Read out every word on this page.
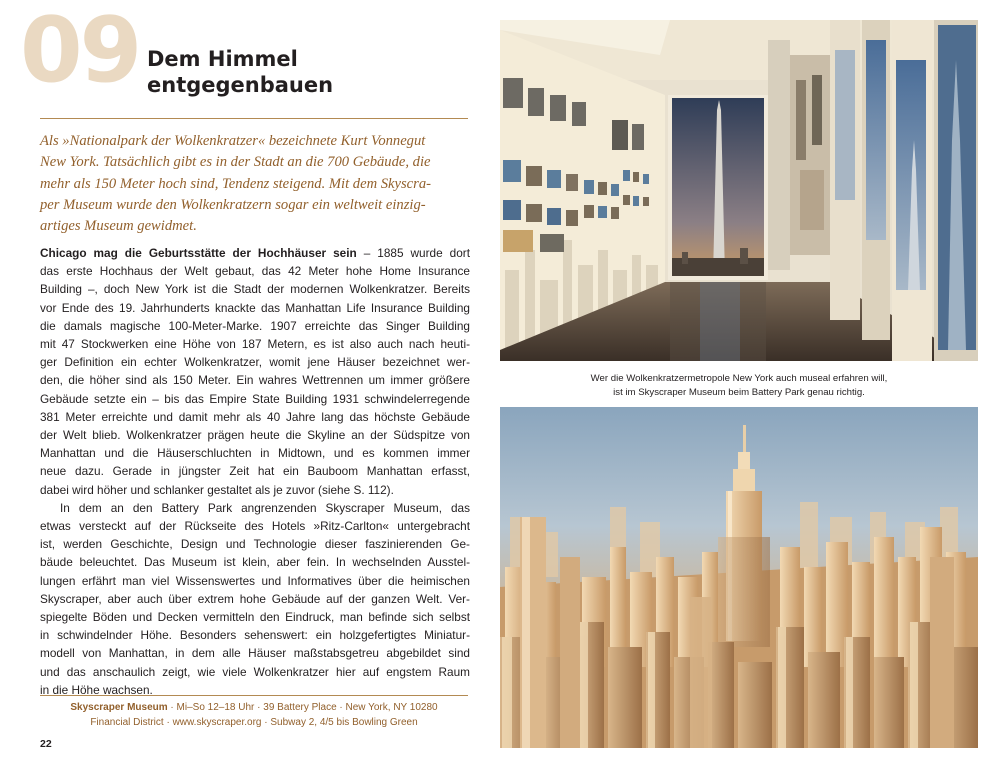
09 Dem Himmel
entgegenbauen

Als »Nationalpark der Wolkenkratzer« bezeichnete Kurt Vonnegut
New York. Tatsächlich gibt es in der Stadt an die 700 Gebäude, die
mehr als 150 Meter hoch sind, Tendenz steigend. Mit dem Skyscra-
per Museum wurde den Wolkenkratzern sogar ein weltweit einzig-
artiges Museum gewidmet.

Chicago mag die Geburtsstätte der Hochhäuser sein – 1885 wurde dort
das erste Hochhaus der Welt gebaut, das 42 Meter hohe Home Insurance
Building –, doch New York ist die Stadt der modernen Wolkenkratzer. Bereits
vor Ende des 19. Jahrhunderts knackte das Manhattan Life Insurance Building
die damals magische 100-Meter-Marke. 1907 erreichte das Singer Building
mit 47 Stockwerken eine Höhe von 187 Metern, es ist also auch nach heuti-
ger Definition ein echter Wolkenkratzer, womit jene Häuser bezeichnet wer-
den, die höher sind als 150 Meter. Ein wahres Wettrennen um immer größere
Gebäude setzte ein – bis das Empire State Building 1931 schwindelerregende
381 Meter erreichte und damit mehr als 40 Jahre lang das höchste Gebäude
der Welt blieb. Wolkenkratzer prägen heute die Skyline an der Südspitze von
Manhattan und die Häuserschluchten in Midtown, und es kommen immer
neue dazu. Gerade in jüngster Zeit hat ein Bauboom Manhattan erfasst,
dabei wird höher und schlanker gestaltet als je zuvor (siehe S. 112).
In dem an den Battery Park angrenzenden Skyscraper Museum, das
etwas versteckt auf der Rückseite des Hotels »Ritz-Carlton« untergebracht
ist, werden Geschichte, Design und Technologie dieser faszinierenden Ge-
bäude beleuchtet. Das Museum ist klein, aber fein. In wechselnden Ausstel-
lungen erfährt man viel Wissenswertes und Informatives über die heimischen
Skyscraper, aber auch über extrem hohe Gebäude auf der ganzen Welt. Ver-
spiegelte Böden und Decken vermitteln den Eindruck, man befinde sich selbst
in schwindelnder Höhe. Besonders sehenswert: ein holzgefertigtes Miniatur-
modell von Manhattan, in dem alle Häuser maßstabsgetreu abgebildet sind
und das anschaulich zeigt, wie viele Wolkenkratzer hier auf engstem Raum
in die Höhe wachsen.
Skyscraper Museum · Mi–So 12–18 Uhr · 39 Battery Place · New York, NY 10280
Financial District · www.skyscraper.org · Subway 2, 4/5 bis Bowling Green
22

Wer die Wolkenkratzermetropole New York auch museal erfahren will,
ist im Skyscraper Museum beim Battery Park genau richtig.
